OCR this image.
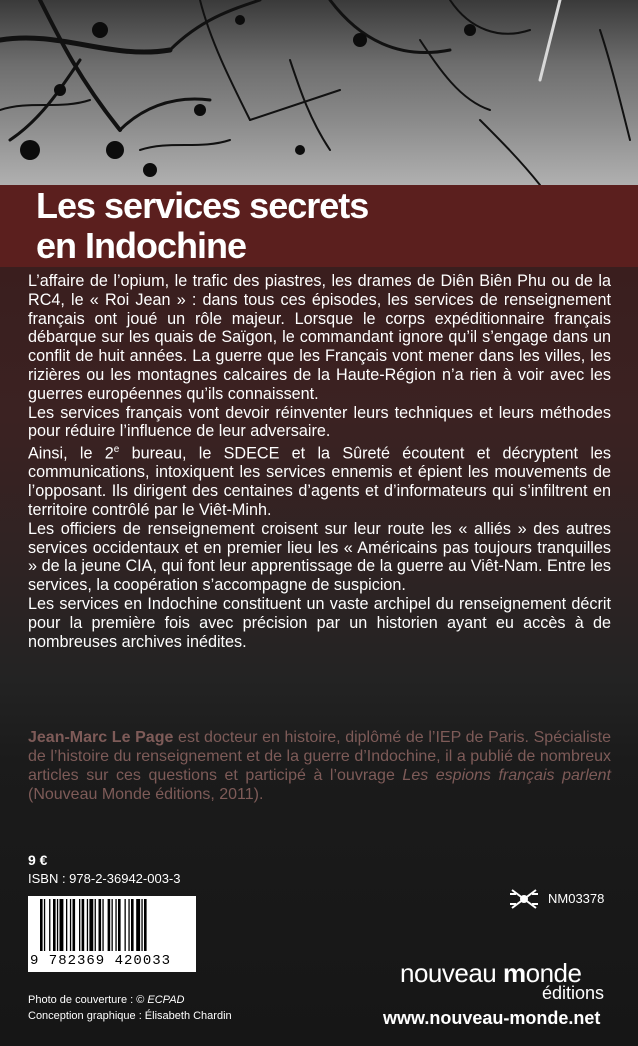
Les services secrets
en Indochine

L’affaire de l’opium, le trafic des piastres, les drames de Diên Biên Phu ou de la RC4, le « Roi Jean » : dans tous ces épisodes, les services de renseignement français ont joué un rôle majeur. Lorsque le corps expéditionnaire français débarque sur les quais de Saïgon, le commandant ignore qu’il s’engage dans un conflit de huit années. La guerre que les Français vont mener dans les villes, les rizières ou les montagnes calcaires de la Haute-Région n’a rien à voir avec les guerres européennes qu’ils connaissent.

Les services français vont devoir réinventer leurs techniques et leurs méthodes pour réduire l’influence de leur adversaire.

Ainsi, le 2e bureau, le SDECE et la Sûreté écoutent et décryptent les communications, intoxiquent les services ennemis et épient les mouvements de l’opposant. Ils dirigent des centaines d’agents et d’informateurs qui s’infiltrent en territoire contrôlé par le Viêt-Minh.

Les officiers de renseignement croisent sur leur route les « alliés » des autres services occidentaux et en premier lieu les « Américains pas toujours tranquilles » de la jeune CIA, qui font leur apprentissage de la guerre au Viêt-Nam. Entre les services, la coopération s’accompagne de suspicion.

Les services en Indochine constituent un vaste archipel du renseignement décrit pour la première fois avec précision par un historien ayant eu accès à de nombreuses archives inédites.

Jean-Marc Le Page est docteur en histoire, diplômé de l’IEP de Paris. Spécialiste de l’histoire du renseignement et de la guerre d’Indochine, il a publié de nombreux articles sur ces questions et participé à l’ouvrage Les espions français parlent (Nouveau Monde éditions, 2011).

9 €
ISBN : 978-2-36942-003-3
9 782369 420033
Photo de couverture : © ECPAD
Conception graphique : Élisabeth Chardin
NM03378
nouveau monde
éditions
www.nouveau-monde.net
